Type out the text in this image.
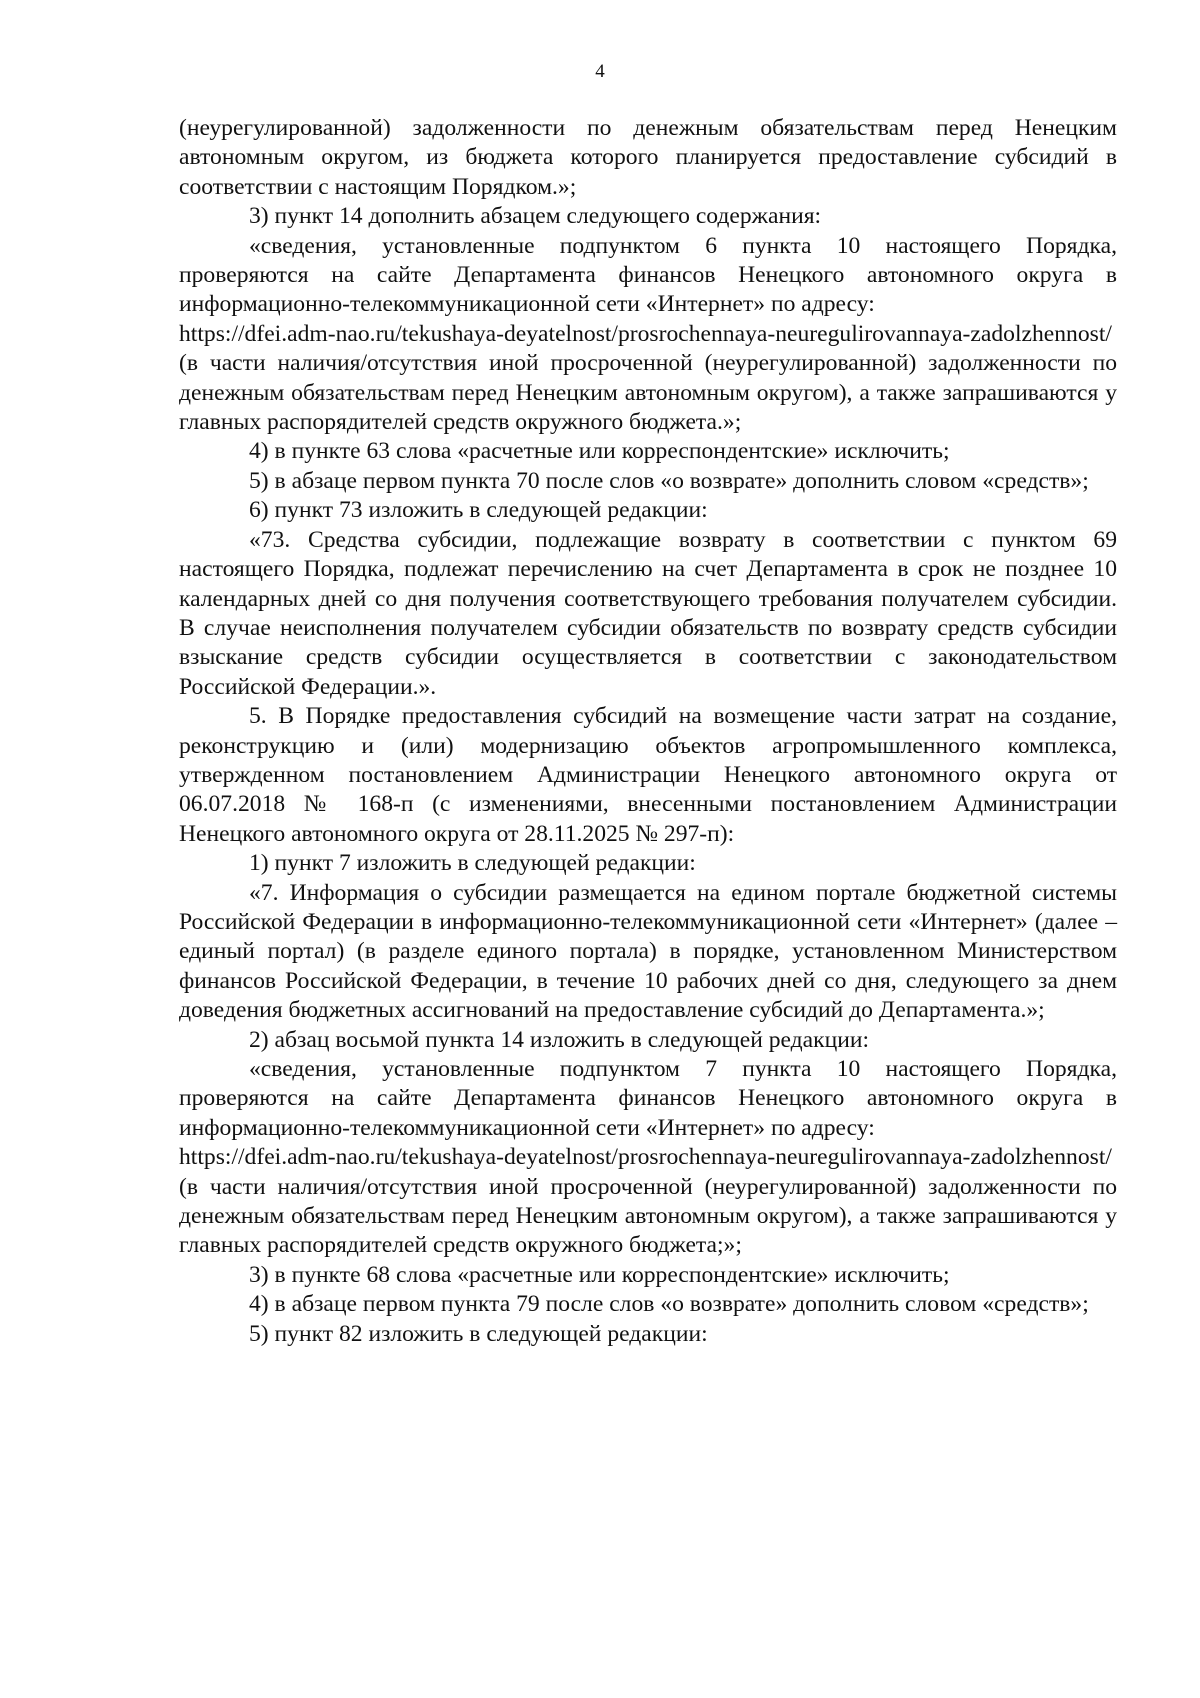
4

(неурегулированной) задолженности по денежным обязательствам перед Ненецким автономным округом, из бюджета которого планируется предоставление субсидий в соответствии с настоящим Порядком.»;

3) пункт 14 дополнить абзацем следующего содержания:

«сведения, установленные подпунктом 6 пункта 10 настоящего Порядка, проверяются на сайте Департамента финансов Ненецкого автономного округа в информационно-телекоммуникационной сети «Интернет» по адресу:

https://dfei.adm-nao.ru/tekushaya-deyatelnost/prosrochennaya-neuregulirovannaya-zadolzhennost/

(в части наличия/отсутствия иной просроченной (неурегулированной) задолженности по денежным обязательствам перед Ненецким автономным округом), а также запрашиваются у главных распорядителей средств окружного бюджета.»;

4) в пункте 63 слова «расчетные или корреспондентские» исключить;

5) в абзаце первом пункта 70 после слов «о возврате» дополнить словом «средств»;

6) пункт 73 изложить в следующей редакции:

«73. Средства субсидии, подлежащие возврату в соответствии с пунктом 69 настоящего Порядка, подлежат перечислению на счет Департамента в срок не позднее 10 календарных дней со дня получения соответствующего требования получателем субсидии. В случае неисполнения получателем субсидии обязательств по возврату средств субсидии взыскание средств субсидии осуществляется в соответствии с законодательством Российской Федерации.».

5. В Порядке предоставления субсидий на возмещение части затрат на создание, реконструкцию и (или) модернизацию объектов агропромышленного комплекса, утвержденном постановлением Администрации Ненецкого автономного округа от 06.07.2018 № 168-п (с изменениями, внесенными постановлением Администрации Ненецкого автономного округа от 28.11.2025 № 297-п):

1) пункт 7 изложить в следующей редакции:

«7. Информация о субсидии размещается на едином портале бюджетной системы Российской Федерации в информационно-телекоммуникационной сети «Интернет» (далее – единый портал) (в разделе единого портала) в порядке, установленном Министерством финансов Российской Федерации, в течение 10 рабочих дней со дня, следующего за днем доведения бюджетных ассигнований на предоставление субсидий до Департамента.»;

2) абзац восьмой пункта 14 изложить в следующей редакции:

«сведения, установленные подпунктом 7 пункта 10 настоящего Порядка, проверяются на сайте Департамента финансов Ненецкого автономного округа в информационно-телекоммуникационной сети «Интернет» по адресу:

https://dfei.adm-nao.ru/tekushaya-deyatelnost/prosrochennaya-neuregulirovannaya-zadolzhennost/

(в части наличия/отсутствия иной просроченной (неурегулированной) задолженности по денежным обязательствам перед Ненецким автономным округом), а также запрашиваются у главных распорядителей средств окружного бюджета;»;

3) в пункте 68 слова «расчетные или корреспондентские» исключить;

4) в абзаце первом пункта 79 после слов «о возврате» дополнить словом «средств»;

5) пункт 82 изложить в следующей редакции:
